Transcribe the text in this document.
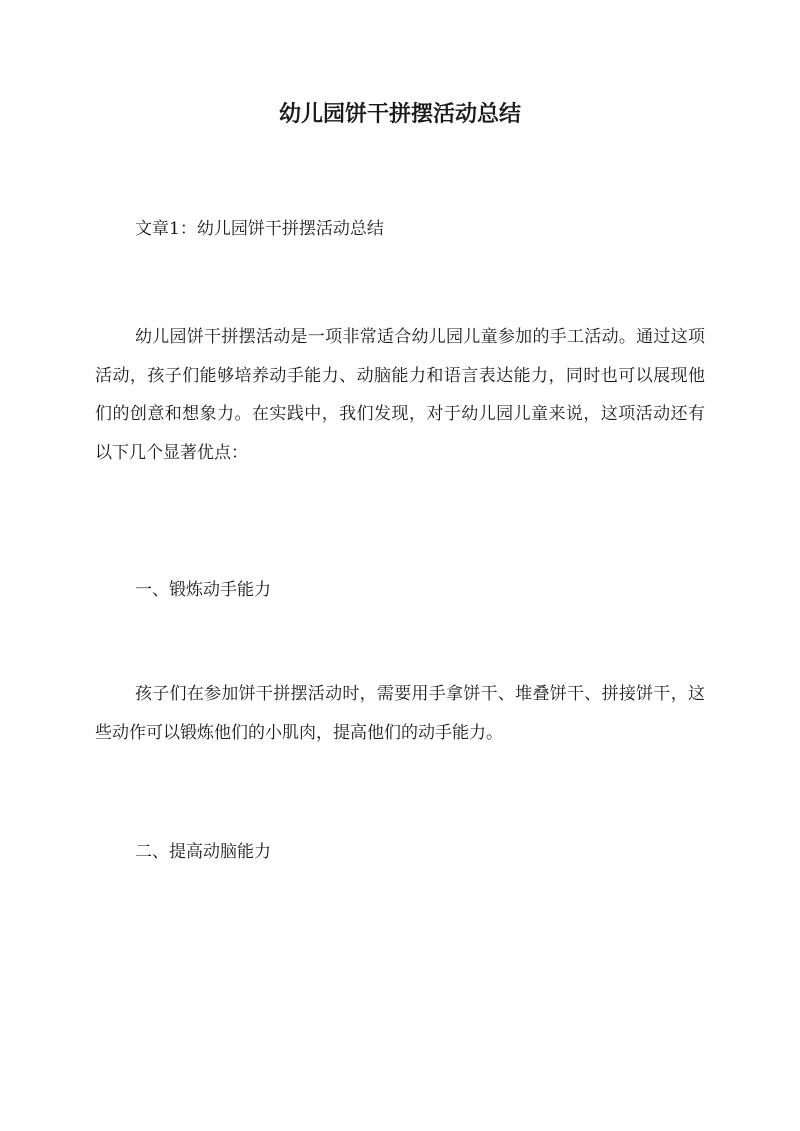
幼儿园饼干拼摆活动总结

文章1：幼儿园饼干拼摆活动总结

幼儿园饼干拼摆活动是一项非常适合幼儿园儿童参加的手工活动。通过这项活动，孩子们能够培养动手能力、动脑能力和语言表达能力，同时也可以展现他们的创意和想象力。在实践中，我们发现，对于幼儿园儿童来说，这项活动还有以下几个显著优点：

一、锻炼动手能力

孩子们在参加饼干拼摆活动时，需要用手拿饼干、堆叠饼干、拼接饼干，这些动作可以锻炼他们的小肌肉，提高他们的动手能力。

二、提高动脑能力
